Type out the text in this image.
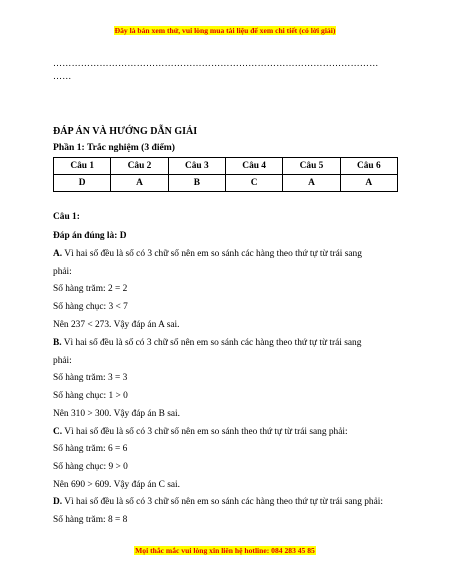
Đây là bản xem thử, vui lòng mua tài liệu để xem chi tiết (có lời giải)
……………………………………………………………………………………………
……
ĐÁP ÁN VÀ HƯỚNG DẪN GIẢI
Phần 1: Trắc nghiệm (3 điểm)
Câu 1	Câu 2	Câu 3	Câu 4	Câu 5	Câu 6
D	A	B	C	A	A
Câu 1:
Đáp án đúng là: D
A. Vì hai số đều là số có 3 chữ số nên em so sánh các hàng theo thứ tự từ trái sang
phải:
Số hàng trăm: 2 = 2
Số hàng chục: 3 < 7
Nên 237 < 273. Vậy đáp án A sai.
B. Vì hai số đều là số có 3 chữ số nên em so sánh các hàng theo thứ tự từ trái sang
phải:
Số hàng trăm: 3 = 3
Số hàng chục: 1 > 0
Nên 310 > 300. Vậy đáp án B sai.
C. Vì hai số đều là số có 3 chữ số nên em so sánh theo thứ tự từ trái sang phải:
Số hàng trăm: 6 = 6
Số hàng chục: 9 > 0
Nên 690 > 609. Vậy đáp án C sai.
D. Vì hai số đều là số có 3 chữ số nên em so sánh các hàng theo thứ tự từ trái sang phải:
Số hàng trăm: 8 = 8
Mọi thắc mắc vui lòng xin liên hệ hotline: 084 283 45 85
